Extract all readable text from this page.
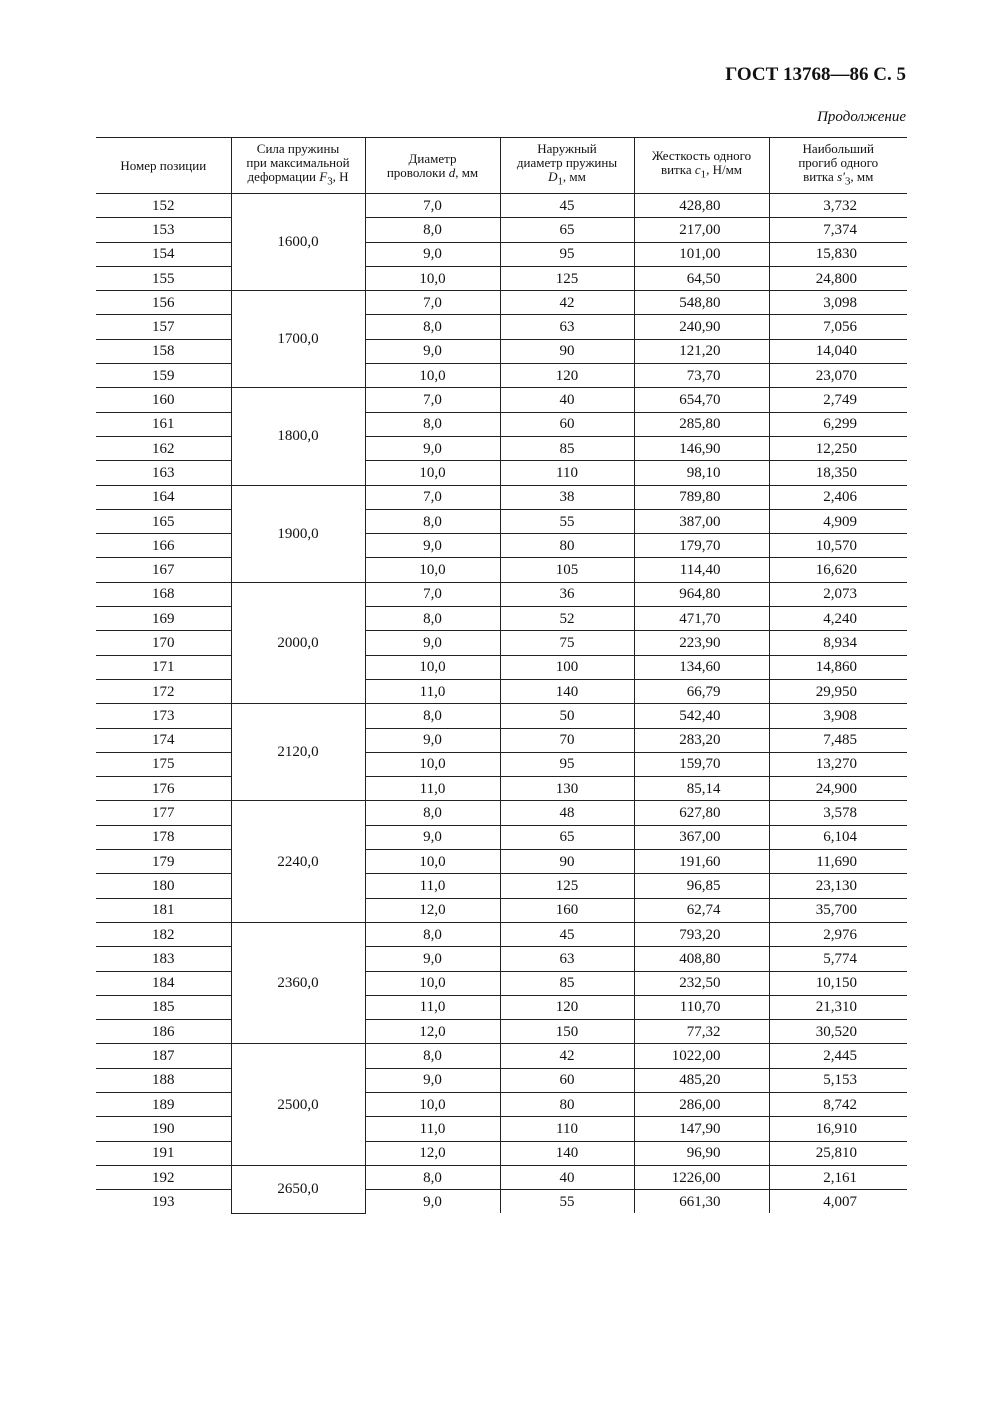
ГОСТ 13768—86 С. 5
Продолжение
Номер позиции	Сила пружины
при максимальной
деформации $F_3$, Н	Диаметр
проволоки d, мм	Наружный
диаметр пружины
$D_1$, мм	Жесткость одного
витка $c_1$, Н/мм	Наибольший
прогиб одного
витка $s'_3$, мм
152	1600,0	7,0	45	428,80	3,732
153		8,0	65	217,00	7,374
154		9,0	95	101,00	15,830
155		10,0	125	64,50	24,800
156	1700,0	7,0	42	548,80	3,098
157		8,0	63	240,90	7,056
158		9,0	90	121,20	14,040
159		10,0	120	73,70	23,070
160	1800,0	7,0	40	654,70	2,749
161		8,0	60	285,80	6,299
162		9,0	85	146,90	12,250
163		10,0	110	98,10	18,350
164	1900,0	7,0	38	789,80	2,406
165		8,0	55	387,00	4,909
166		9,0	80	179,70	10,570
167		10,0	105	114,40	16,620
168	2000,0	7,0	36	964,80	2,073
169		8,0	52	471,70	4,240
170		9,0	75	223,90	8,934
171		10,0	100	134,60	14,860
172		11,0	140	66,79	29,950
173	2120,0	8,0	50	542,40	3,908
174		9,0	70	283,20	7,485
175		10,0	95	159,70	13,270
176		11,0	130	85,14	24,900
177	2240,0	8,0	48	627,80	3,578
178		9,0	65	367,00	6,104
179		10,0	90	191,60	11,690
180		11,0	125	96,85	23,130
181		12,0	160	62,74	35,700
182	2360,0	8,0	45	793,20	2,976
183		9,0	63	408,80	5,774
184		10,0	85	232,50	10,150
185		11,0	120	110,70	21,310
186		12,0	150	77,32	30,520
187	2500,0	8,0	42	1022,00	2,445
188		9,0	60	485,20	5,153
189		10,0	80	286,00	8,742
190		11,0	110	147,90	16,910
191		12,0	140	96,90	25,810
192	2650,0	8,0	40	1226,00	2,161
193		9,0	55	661,30	4,007
